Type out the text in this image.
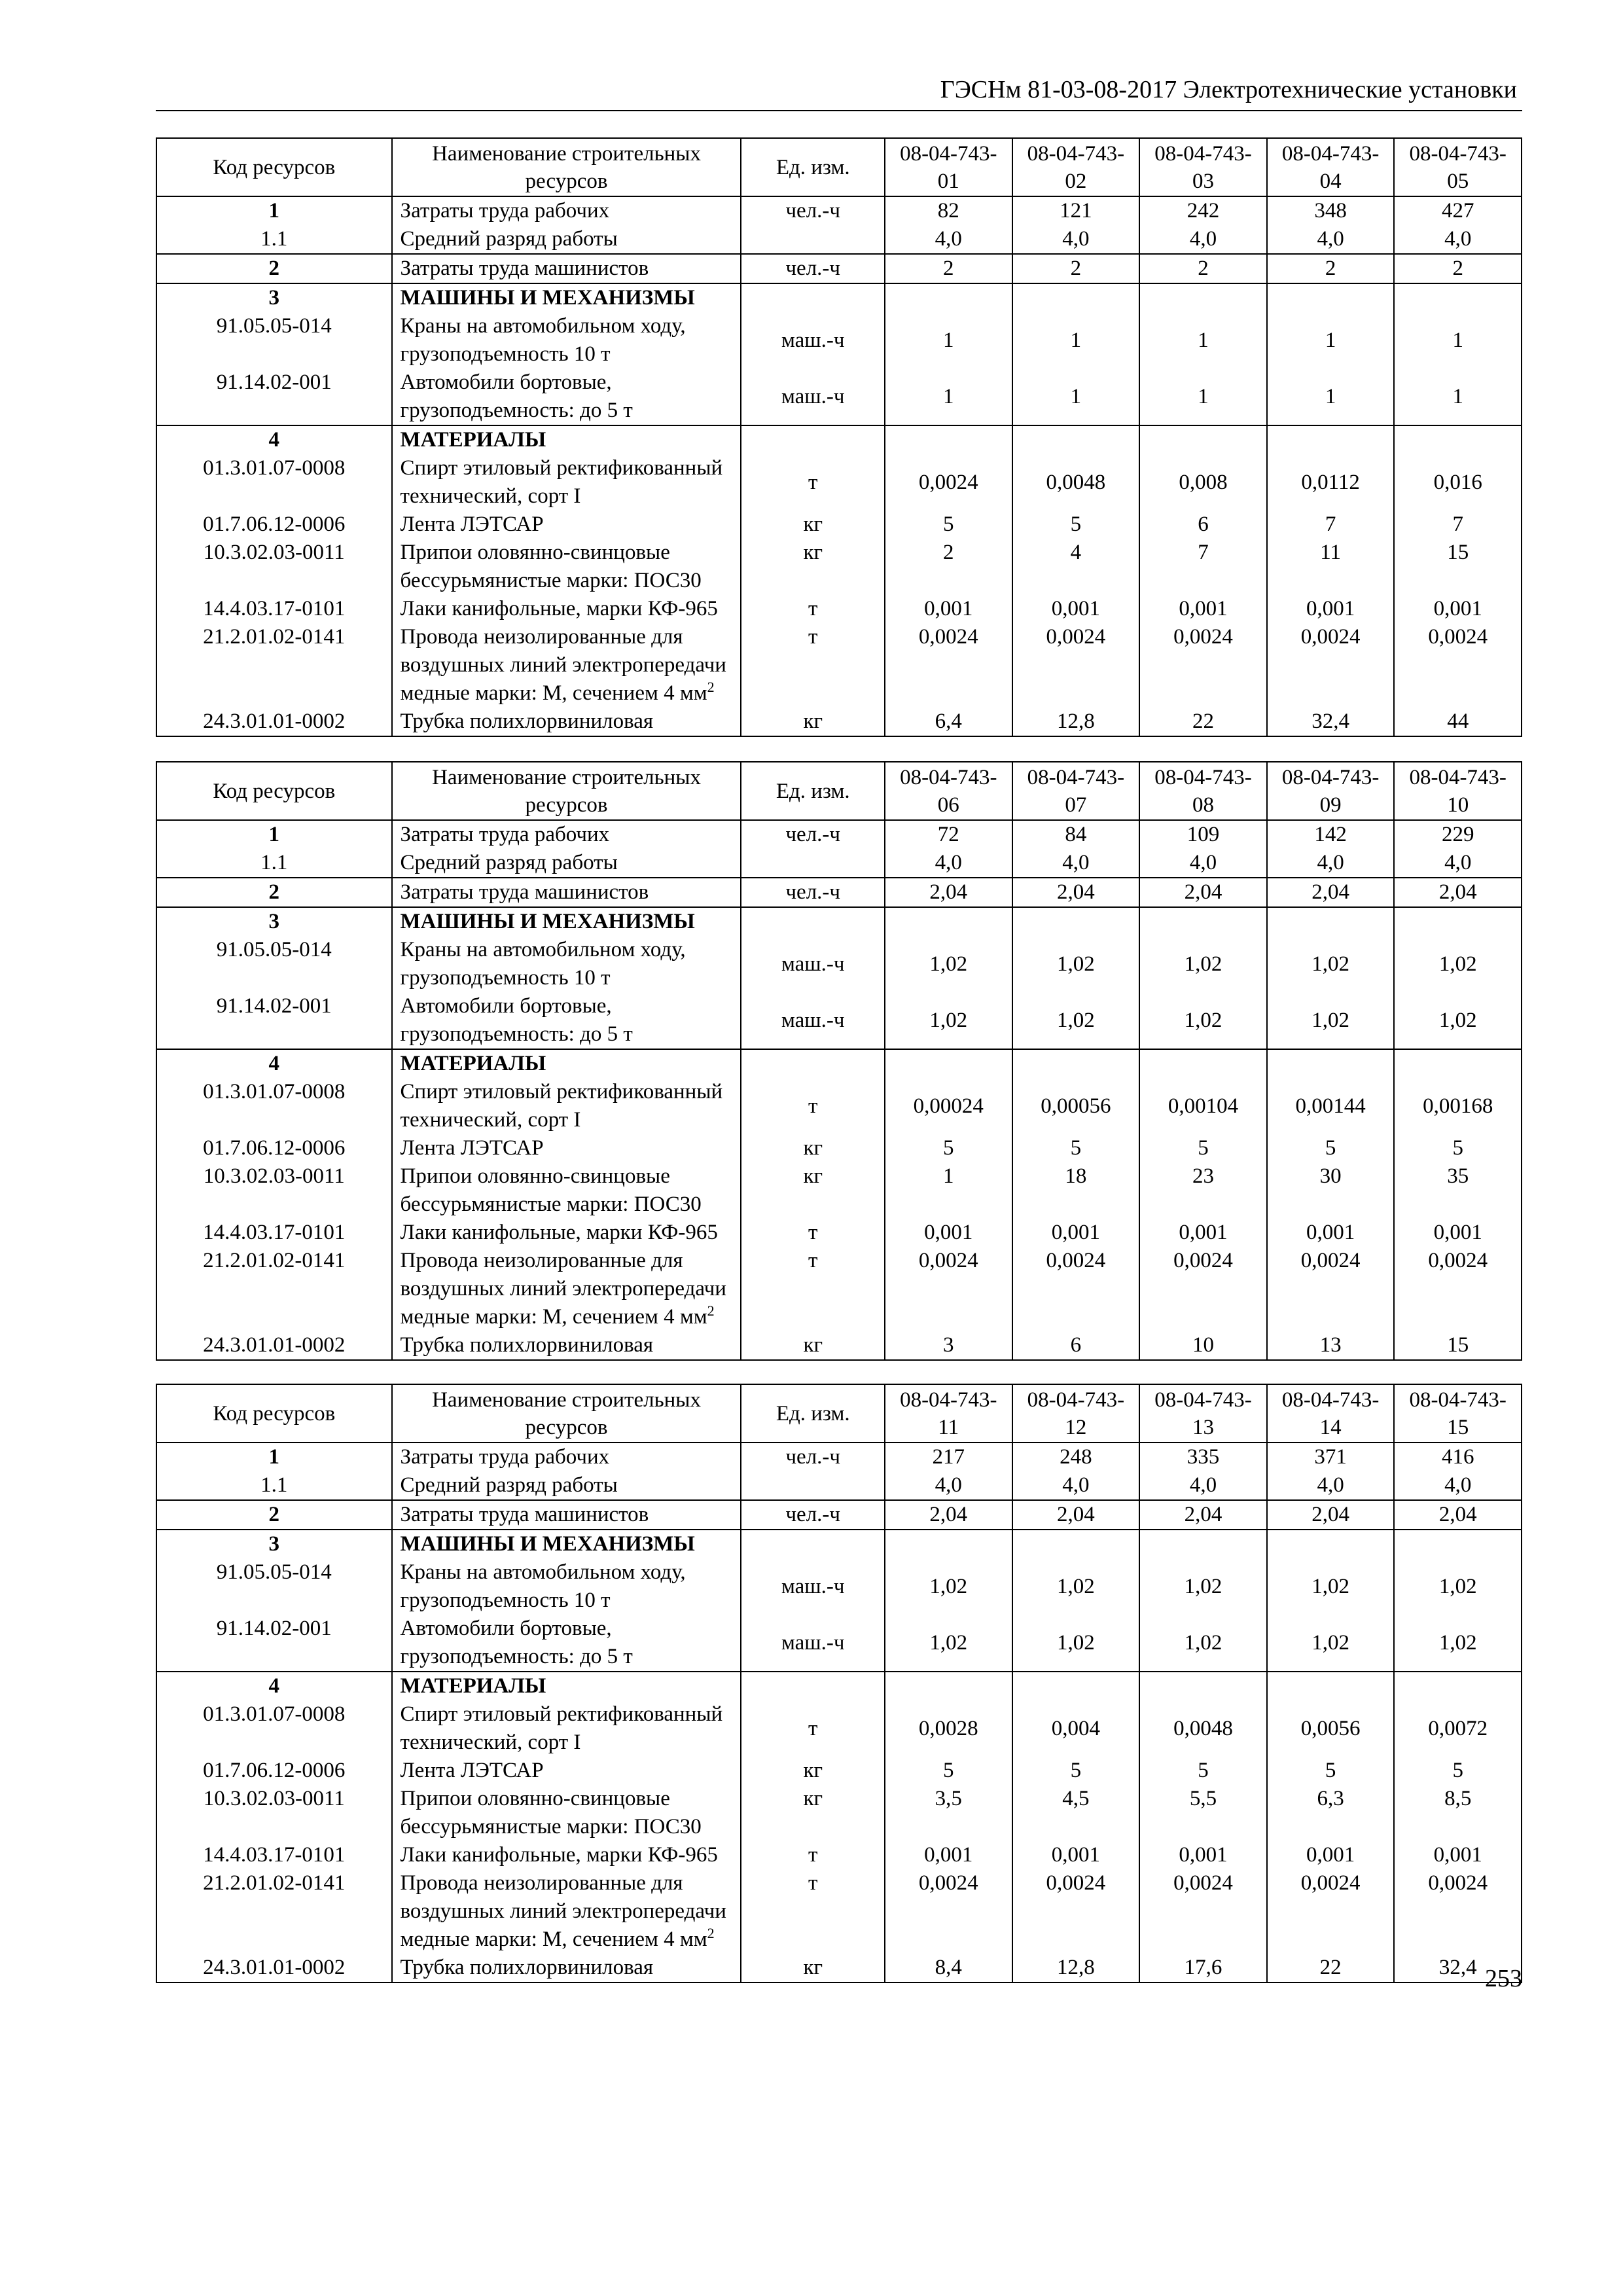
ГЭСНм 81-03-08-2017 Электротехнические установки
Код ресурсов	Наименование строительных ресурсов	Ед. изм.	08-04-743-01	08-04-743-02	08-04-743-03	08-04-743-04	08-04-743-05
1	Затраты труда рабочих	чел.-ч	82	121	242	348	427
1.1	Средний разряд работы		4,0	4,0	4,0	4,0	4,0
2	Затраты труда машинистов	чел.-ч	2	2	2	2	2
3	МАШИНЫ И МЕХАНИЗМЫ						
91.05.05-014	Краны на автомобильном ходу, грузоподъемность 10 т	маш.-ч	1	1	1	1	1
91.14.02-001	Автомобили бортовые, грузоподъемность: до 5 т	маш.-ч	1	1	1	1	1
4	МАТЕРИАЛЫ						
01.3.01.07-0008	Спирт этиловый ректификованный технический, сорт I	т	0,0024	0,0048	0,008	0,0112	0,016
01.7.06.12-0006	Лента ЛЭТСАР	кг	5	5	6	7	7
10.3.02.03-0011	Припои оловянно-свинцовые бессурьмянистые марки: ПОС30	кг	2	4	7	11	15
14.4.03.17-0101	Лаки канифольные, марки КФ-965	т	0,001	0,001	0,001	0,001	0,001
21.2.01.02-0141	Провода неизолированные для воздушных линий электропередачи медные марки: М, сечением 4 $мм^2$	т	0,0024	0,0024	0,0024	0,0024	0,0024
24.3.01.01-0002	Трубка полихлорвиниловая	кг	6,4	12,8	22	32,4	44
Код ресурсов	Наименование строительных ресурсов	Ед. изм.	08-04-743-06	08-04-743-07	08-04-743-08	08-04-743-09	08-04-743-10
1	Затраты труда рабочих	чел.-ч	72	84	109	142	229
1.1	Средний разряд работы		4,0	4,0	4,0	4,0	4,0
2	Затраты труда машинистов	чел.-ч	2,04	2,04	2,04	2,04	2,04
3	МАШИНЫ И МЕХАНИЗМЫ						
91.05.05-014	Краны на автомобильном ходу, грузоподъемность 10 т	маш.-ч	1,02	1,02	1,02	1,02	1,02
91.14.02-001	Автомобили бортовые, грузоподъемность: до 5 т	маш.-ч	1,02	1,02	1,02	1,02	1,02
4	МАТЕРИАЛЫ						
01.3.01.07-0008	Спирт этиловый ректификованный технический, сорт I	т	0,00024	0,00056	0,00104	0,00144	0,00168
01.7.06.12-0006	Лента ЛЭТСАР	кг	5	5	5	5	5
10.3.02.03-0011	Припои оловянно-свинцовые бессурьмянистые марки: ПОС30	кг	1	18	23	30	35
14.4.03.17-0101	Лаки канифольные, марки КФ-965	т	0,001	0,001	0,001	0,001	0,001
21.2.01.02-0141	Провода неизолированные для воздушных линий электропередачи медные марки: М, сечением 4 $мм^2$	т	0,0024	0,0024	0,0024	0,0024	0,0024
24.3.01.01-0002	Трубка полихлорвиниловая	кг	3	6	10	13	15
Код ресурсов	Наименование строительных ресурсов	Ед. изм.	08-04-743-11	08-04-743-12	08-04-743-13	08-04-743-14	08-04-743-15
1	Затраты труда рабочих	чел.-ч	217	248	335	371	416
1.1	Средний разряд работы		4,0	4,0	4,0	4,0	4,0
2	Затраты труда машинистов	чел.-ч	2,04	2,04	2,04	2,04	2,04
3	МАШИНЫ И МЕХАНИЗМЫ						
91.05.05-014	Краны на автомобильном ходу, грузоподъемность 10 т	маш.-ч	1,02	1,02	1,02	1,02	1,02
91.14.02-001	Автомобили бортовые, грузоподъемность: до 5 т	маш.-ч	1,02	1,02	1,02	1,02	1,02
4	МАТЕРИАЛЫ						
01.3.01.07-0008	Спирт этиловый ректификованный технический, сорт I	т	0,0028	0,004	0,0048	0,0056	0,0072
01.7.06.12-0006	Лента ЛЭТСАР	кг	5	5	5	5	5
10.3.02.03-0011	Припои оловянно-свинцовые бессурьмянистые марки: ПОС30	кг	3,5	4,5	5,5	6,3	8,5
14.4.03.17-0101	Лаки канифольные, марки КФ-965	т	0,001	0,001	0,001	0,001	0,001
21.2.01.02-0141	Провода неизолированные для воздушных линий электропередачи медные марки: М, сечением 4 $мм^2$	т	0,0024	0,0024	0,0024	0,0024	0,0024
24.3.01.01-0002	Трубка полихлорвиниловая	кг	8,4	12,8	17,6	22	32,4 253
